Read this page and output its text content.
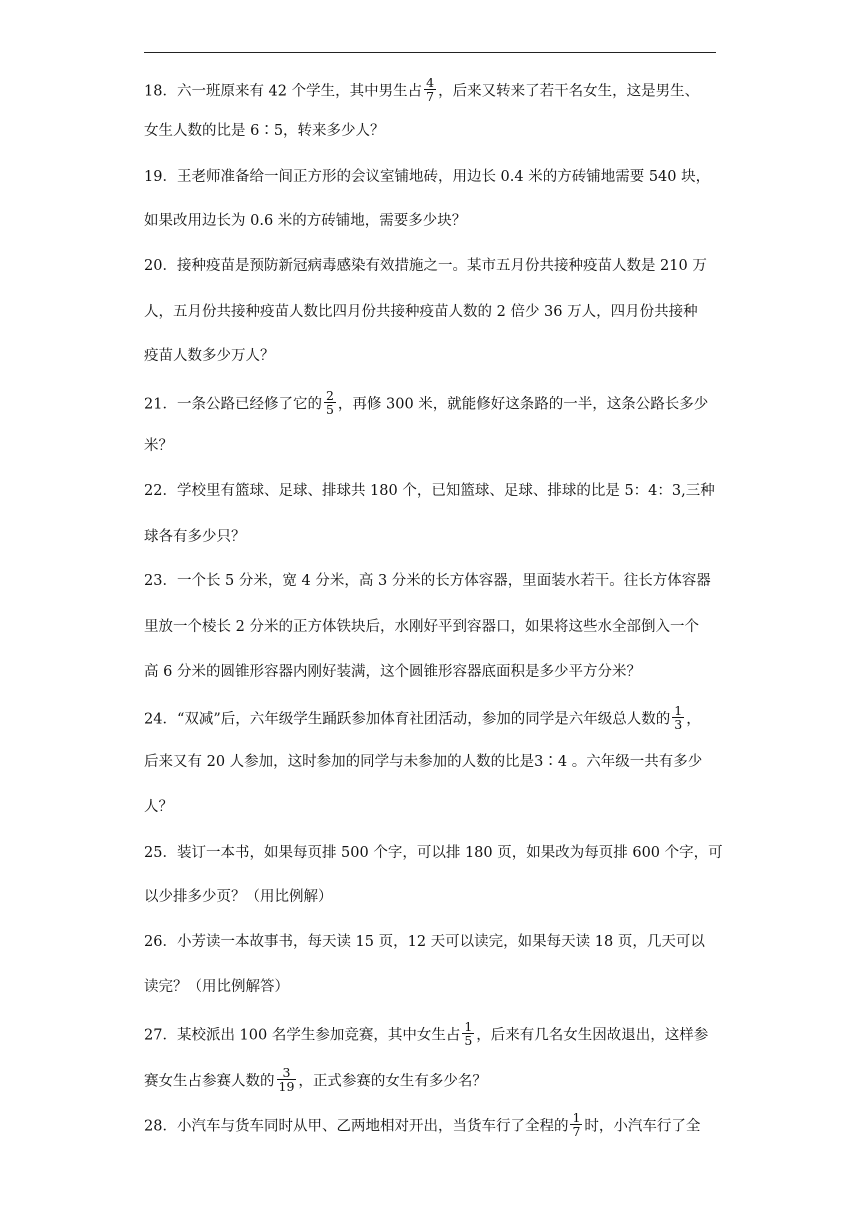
18．六一班原来有 42 个学生，其中男生占 $\frac{4}{7}$ ，后来又转来了若干名女生，这是男生、
女生人数的比是 6∶5，转来多少人？
19．王老师准备给一间正方形的会议室铺地砖，用边长 0.4 米的方砖铺地需要 540 块，
如果改用边长为 0.6 米的方砖铺地，需要多少块？
20．接种疫苗是预防新冠病毒感染有效措施之一。某市五月份共接种疫苗人数是 210 万
人，五月份共接种疫苗人数比四月份共接种疫苗人数的 2 倍少 36 万人，四月份共接种
疫苗人数多少万人？
21．一条公路已经修了它的 $\frac{2}{5}$ ，再修 300 米，就能修好这条路的一半，这条公路长多少
米？
22．学校里有篮球、足球、排球共 180 个，已知篮球、足球、排球的比是 5：4：3,三种
球各有多少只？
23．一个长 5 分米，宽 4 分米，高 3 分米的长方体容器，里面装水若干。往长方体容器
里放一个棱长 2 分米的正方体铁块后，水刚好平到容器口，如果将这些水全部倒入一个
高 6 分米的圆锥形容器内刚好装满，这个圆锥形容器底面积是多少平方分米？
24．“双减”后，六年级学生踊跃参加体育社团活动，参加的同学是六年级总人数的 $\frac{1}{3}$ ，
后来又有 20 人参加，这时参加的同学与未参加的人数的比是3∶4 。六年级一共有多少
人？
25．装订一本书，如果每页排 500 个字，可以排 180 页，如果改为每页排 600 个字，可
以少排多少页？（用比例解）
26．小芳读一本故事书，每天读 15 页，12 天可以读完，如果每天读 18 页，几天可以
读完？（用比例解答）
27．某校派出 100 名学生参加竞赛，其中女生占 $\frac{1}{5}$ ，后来有几名女生因故退出，这样参
赛女生占参赛人数的 $\frac{3}{19}$ ，正式参赛的女生有多少名？
28．小汽车与货车同时从甲、乙两地相对开出，当货车行了全程的 $\frac{1}{7}$ 时，小汽车行了全
